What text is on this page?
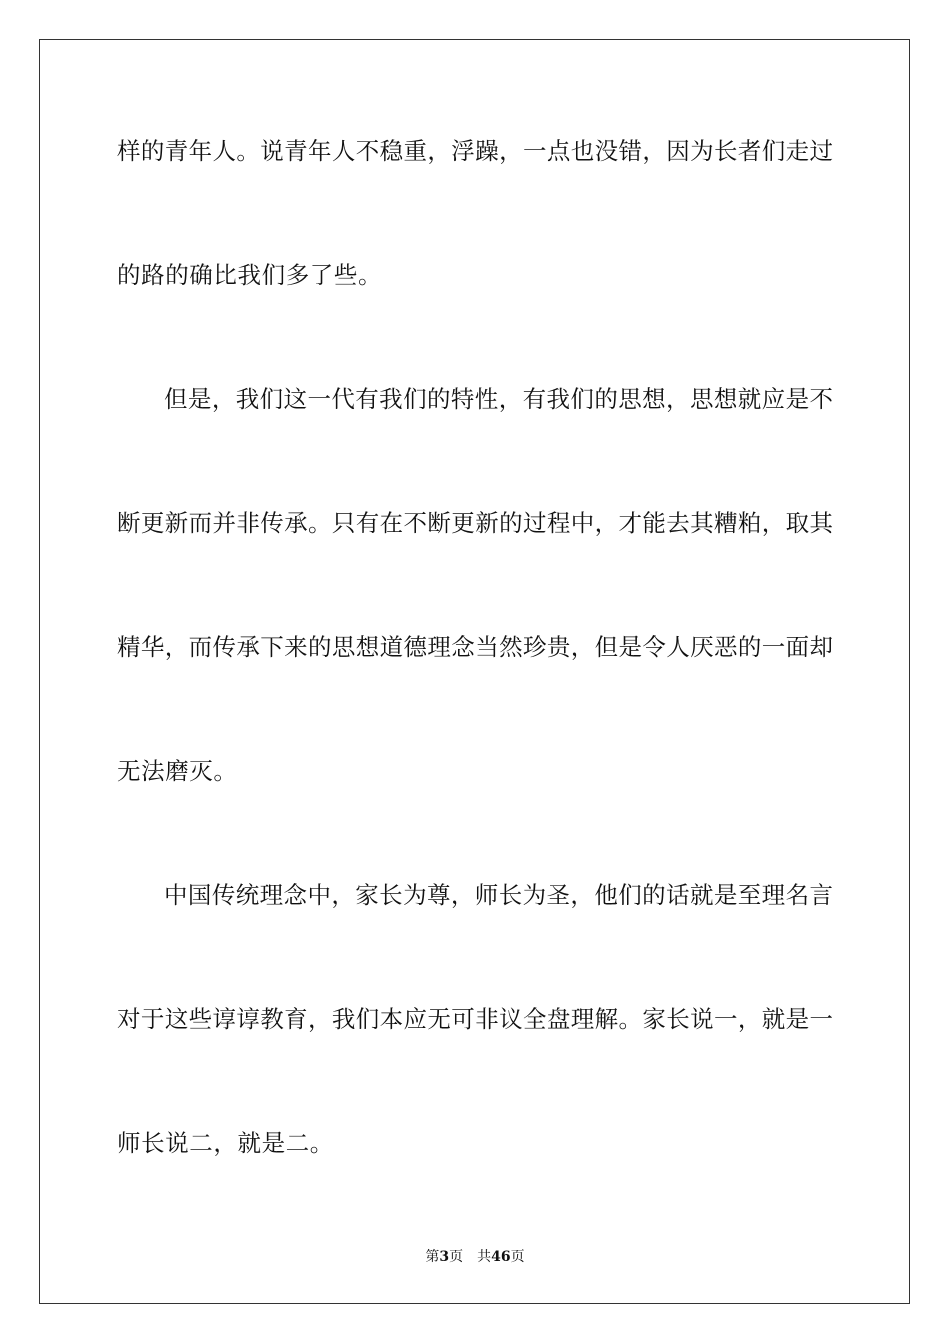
样的青年人。说青年人不稳重，浮躁，一点也没错，因为长者们走过
的路的确比我们多了些。
但是，我们这一代有我们的特性，有我们的思想，思想就应是不
断更新而并非传承。只有在不断更新的过程中，才能去其糟粕，取其
精华，而传承下来的思想道德理念当然珍贵，但是令人厌恶的一面却
无法磨灭。
中国传统理念中，家长为尊，师长为圣，他们的话就是至理名言
对于这些谆谆教育，我们本应无可非议全盘理解。家长说一，就是一
师长说二，就是二。
第3页 共46页
